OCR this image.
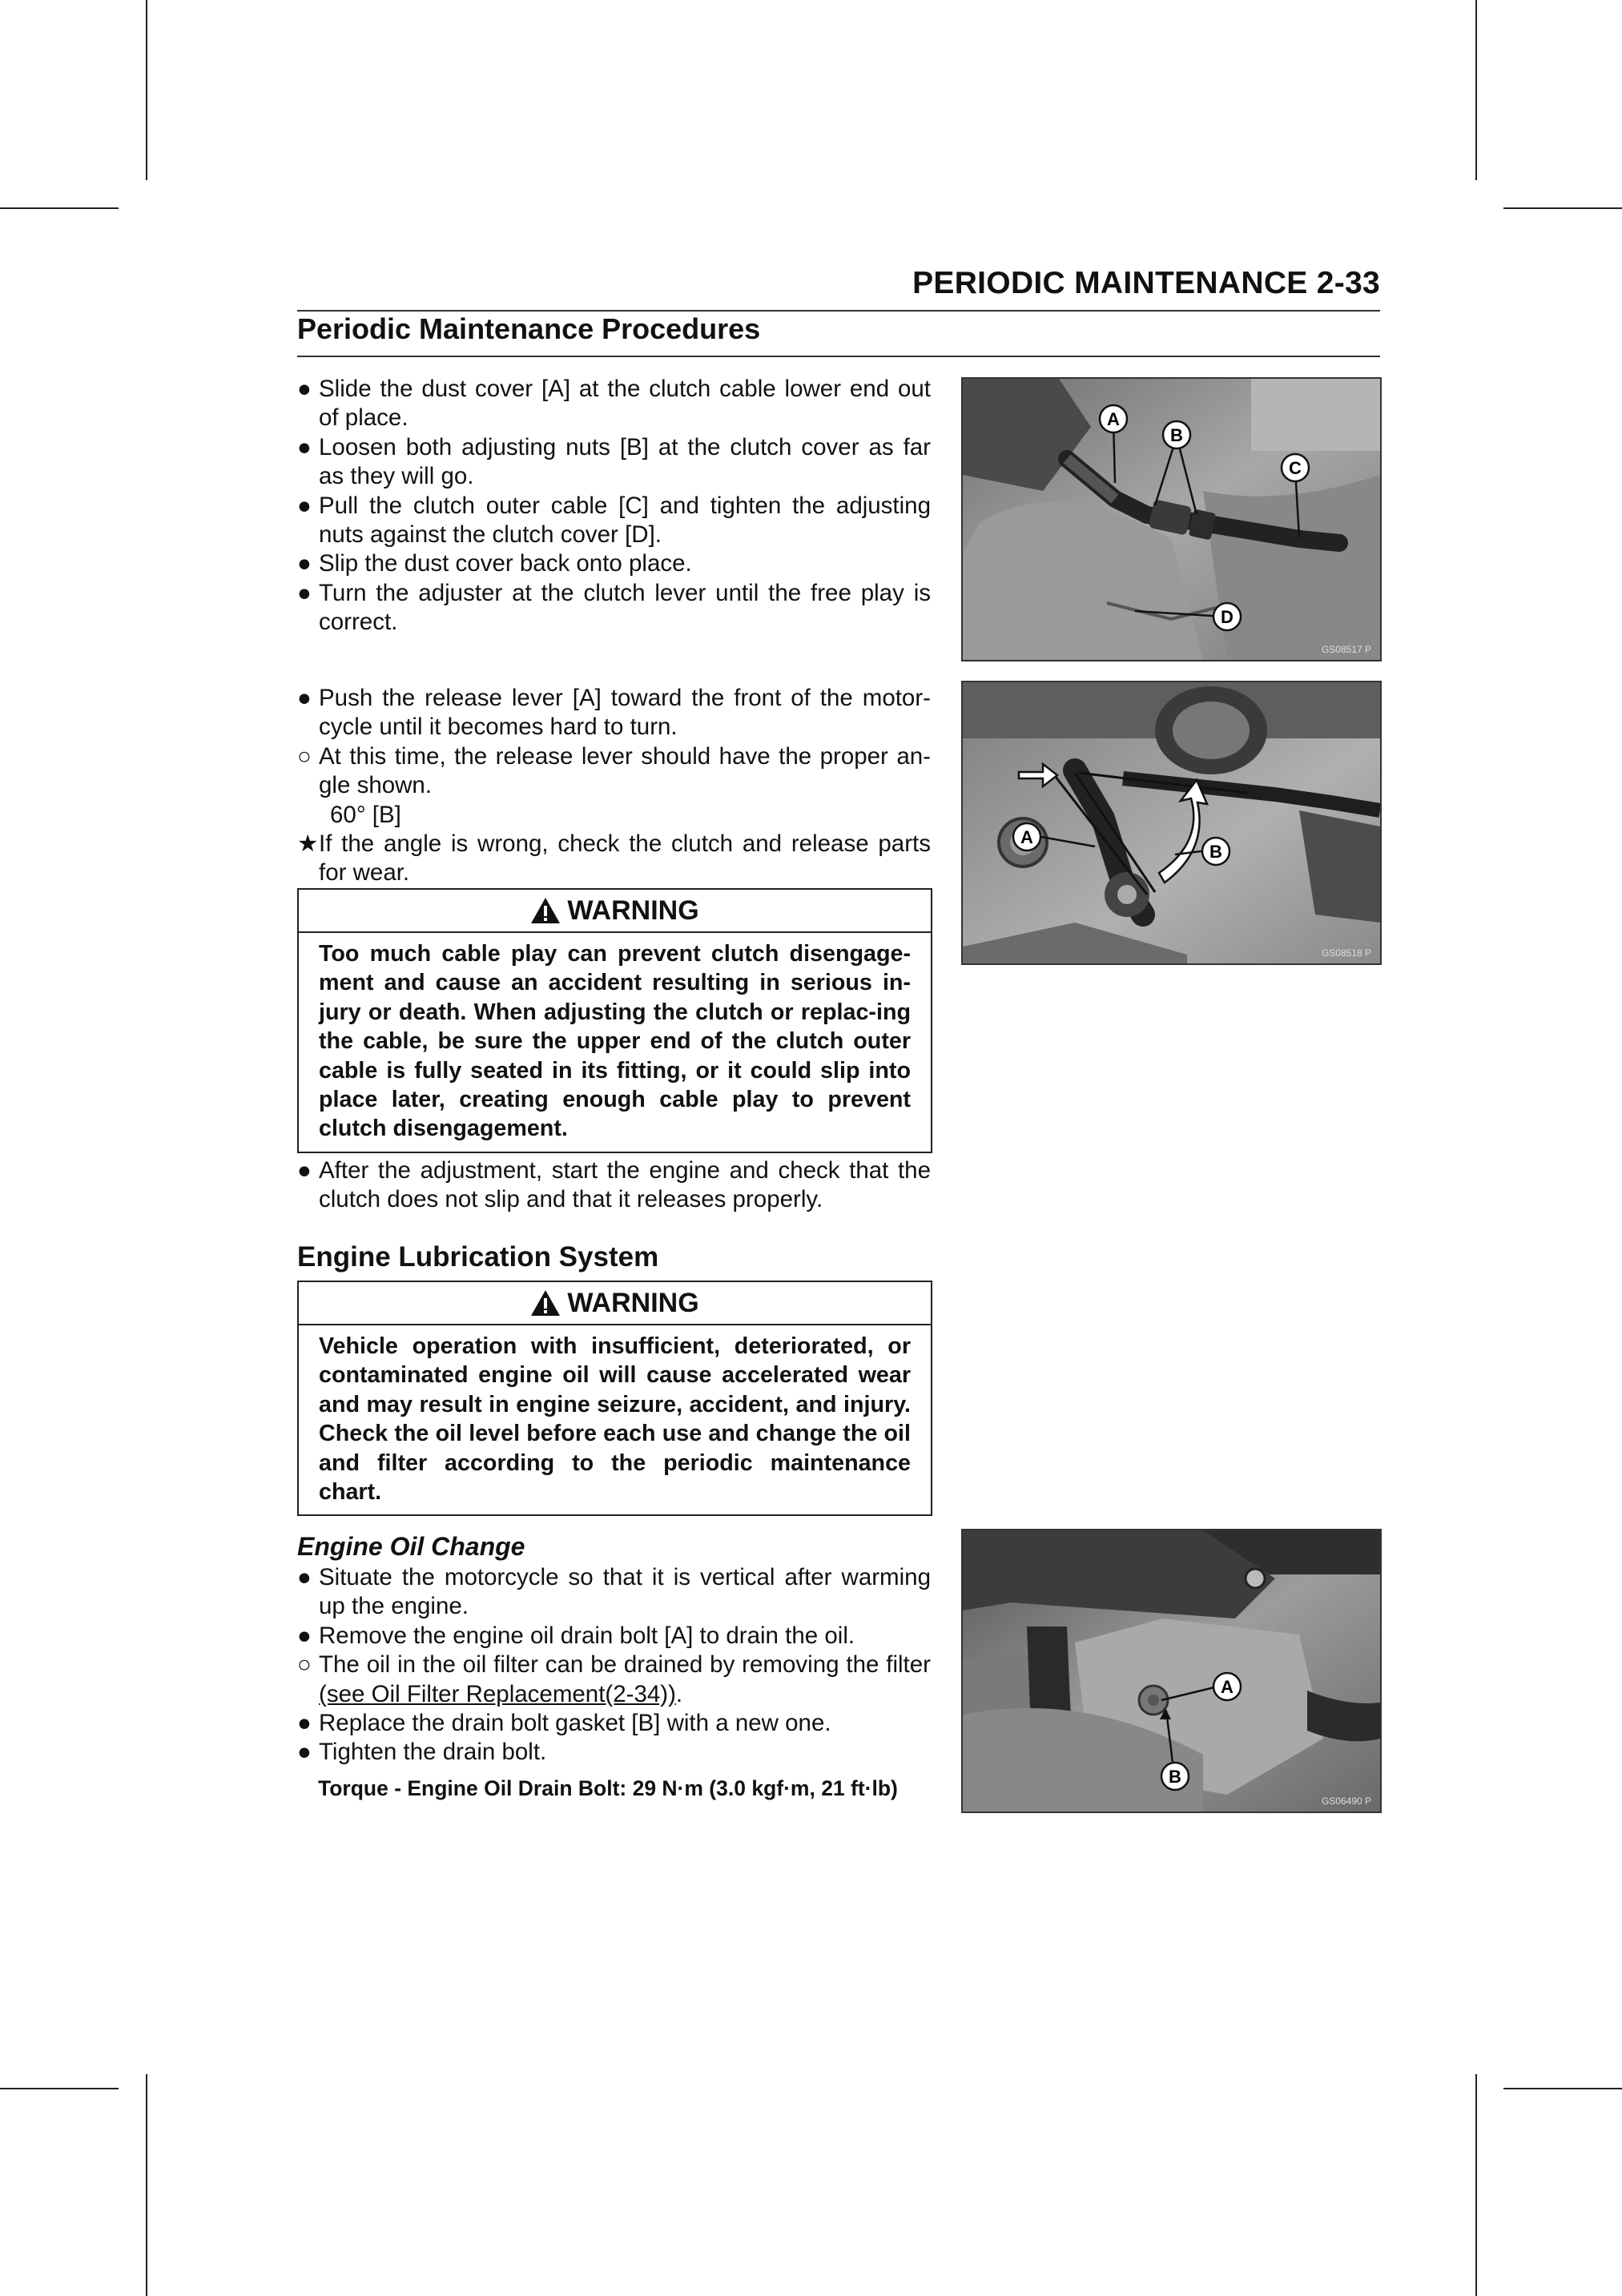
PERIODIC MAINTENANCE 2-33
Periodic Maintenance Procedures
● Slide the dust cover [A] at the clutch cable lower end out of place.
● Loosen both adjusting nuts [B] at the clutch cover as far as they will go.
● Pull the clutch outer cable [C] and tighten the adjusting nuts against the clutch cover [D].
● Slip the dust cover back onto place.
● Turn the adjuster at the clutch lever until the free play is correct.
● Push the release lever [A] toward the front of the motor-cycle until it becomes hard to turn.
○ At this time, the release lever should have the proper an-gle shown.
60° [B]
★ If the angle is wrong, check the clutch and release parts for wear.
WARNING
Too much cable play can prevent clutch disengage-ment and cause an accident resulting in serious in-jury or death. When adjusting the clutch or replac-ing the cable, be sure the upper end of the clutch outer cable is fully seated in its fitting, or it could slip into place later, creating enough cable play to prevent clutch disengagement.
● After the adjustment, start the engine and check that the clutch does not slip and that it releases properly.
Engine Lubrication System
WARNING
Vehicle operation with insufficient, deteriorated, or contaminated engine oil will cause accelerated wear and may result in engine seizure, accident, and injury. Check the oil level before each use and change the oil and filter according to the periodic maintenance chart.
Engine Oil Change
● Situate the motorcycle so that it is vertical after warming up the engine.
● Remove the engine oil drain bolt [A] to drain the oil.
○ The oil in the oil filter can be drained by removing the filter (see Oil Filter Replacement(2-34)).
● Replace the drain bolt gasket [B] with a new one.
● Tighten the drain bolt.
Torque - Engine Oil Drain Bolt: 29 N·m (3.0 kgf·m, 21 ft·lb)
A
B
C
D
GS08517 P
A
B
GS08518 P
A
B
GS06490 P
